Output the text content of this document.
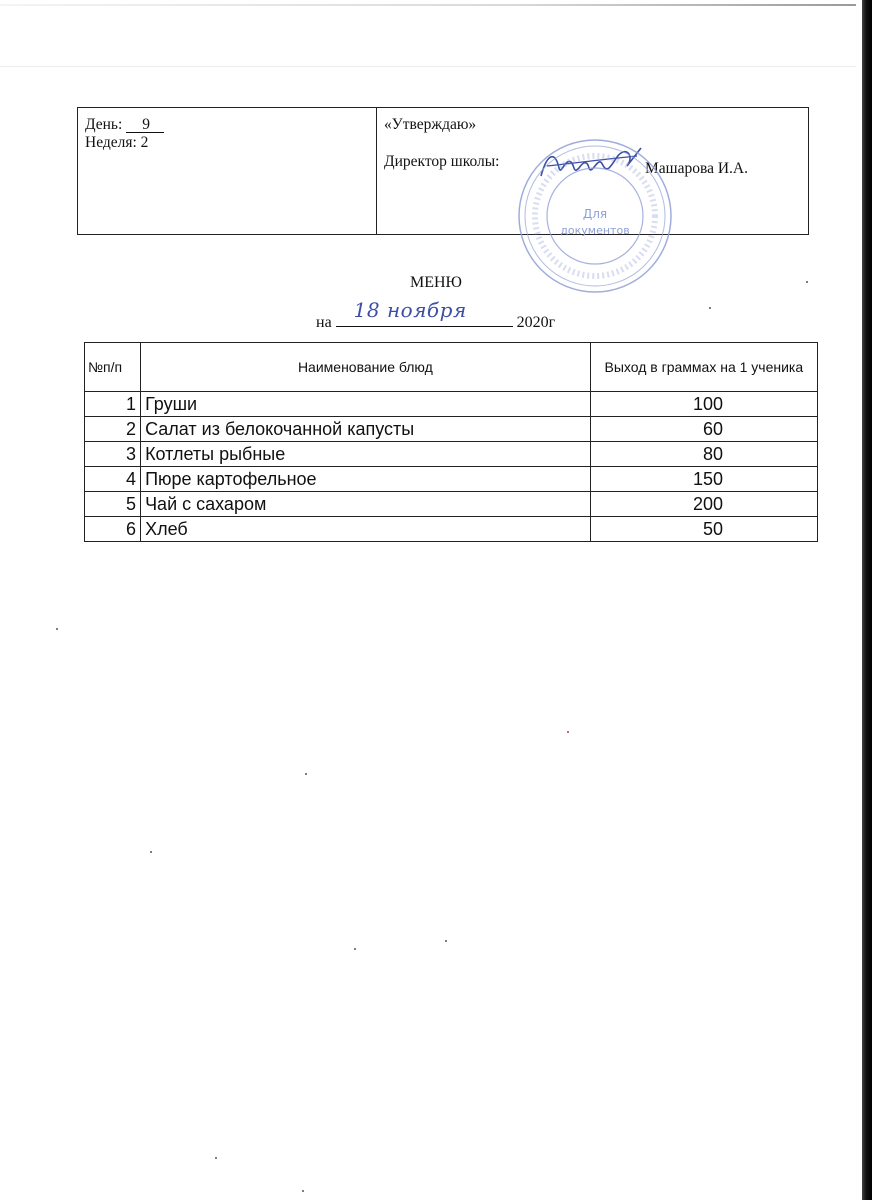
День: 9
Неделя: 2
«Утверждаю»
Директор школы:	Машарова И.А.
Для
документов
МЕНЮ
на
18 ноября
2020г
№п/п	Наименование блюд	Выход в граммах на 1 ученика
1	Груши	100
2	Салат из белокочанной капусты	60
3	Котлеты рыбные	80
4	Пюре картофельное	150
5	Чай с сахаром	200
6	Хлеб	50
